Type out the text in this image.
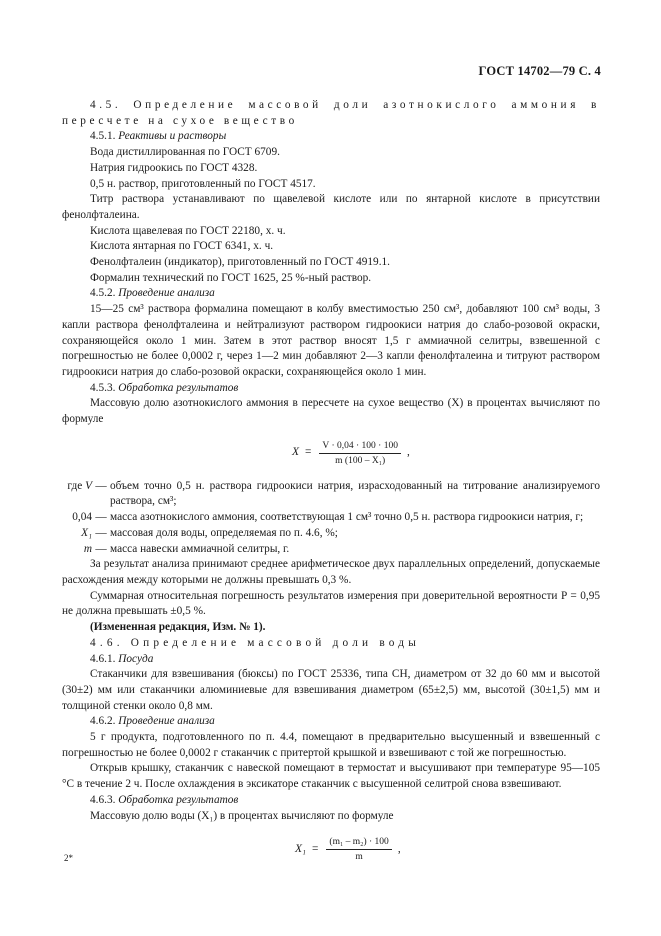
ГОСТ 14702—79 С. 4

4.5. Определение массовой доли азотнокислого аммония в пересчете на сухое вещество

4.5.1. Реактивы и растворы

Вода дистиллированная по ГОСТ 6709.

Натрия гидроокись по ГОСТ 4328.

0,5 н. раствор, приготовленный по ГОСТ 4517.

Титр раствора устанавливают по щавелевой кислоте или по янтарной кислоте в присутствии фенолфталеина.

Кислота щавелевая по ГОСТ 22180, х. ч.

Кислота янтарная по ГОСТ 6341, х. ч.

Фенолфталеин (индикатор), приготовленный по ГОСТ 4919.1.

Формалин технический по ГОСТ 1625, 25 %-ный раствор.

4.5.2. Проведение анализа

15—25 см³ раствора формалина помещают в колбу вместимостью 250 см³, добавляют 100 см³ воды, 3 капли раствора фенолфталеина и нейтрализуют раствором гидроокиси натрия до слабо-розовой окраски, сохраняющейся около 1 мин. Затем в этот раствор вносят 1,5 г аммиачной селитры, взвешенной с погрешностью не более 0,0002 г, через 1—2 мин добавляют 2—3 капли фенолфталеина и титруют раствором гидроокиси натрия до слабо-розовой окраски, сохраняющейся около 1 мин.

4.5.3. Обработка результатов

Массовую долю азотнокислого аммония в пересчете на сухое вещество (X) в процентах вычисляют по формуле

$X = \frac{V \cdot 0,04 \cdot 100 \cdot 100}{\text{m (100 – X₁)}}$ ,
где V	—	объем точно 0,5 н. раствора гидроокиси натрия, израсходованный на титрование анализируемого раствора, см³;
0,04	—	масса азотнокислого аммония, соответствующая 1 см³ точно 0,5 н. раствора гидроокиси натрия, г;
X₁	—	массовая доля воды, определяемая по п. 4.6, %;
m	—	масса навески аммиачной селитры, г.

За результат анализа принимают среднее арифметическое двух параллельных определений, допускаемые расхождения между которыми не должны превышать 0,3 %.

Суммарная относительная погрешность результатов измерения при доверительной вероятности P = 0,95 не должна превышать ±0,5 %.

(Измененная редакция, Изм. № 1).

4.6. Определение массовой доли воды

4.6.1. Посуда

Стаканчики для взвешивания (бюксы) по ГОСТ 25336, типа СН, диаметром от 32 до 60 мм и высотой (30±2) мм или стаканчики алюминиевые для взвешивания диаметром (65±2,5) мм, высотой (30±1,5) мм и толщиной стенки около 0,8 мм.

4.6.2. Проведение анализа

5 г продукта, подготовленного по п. 4.4, помещают в предварительно высушенный и взвешенный с погрешностью не более 0,0002 г стаканчик с притертой крышкой и взвешивают с той же погрешностью.

Открыв крышку, стаканчик с навеской помещают в термостат и высушивают при температуре 95—105 °С в течение 2 ч. После охлаждения в эксикаторе стаканчик с высушенной селитрой снова взвешивают.

4.6.3. Обработка результатов

Массовую долю воды (X₁) в процентах вычисляют по формуле

$X_1 = \frac{\text{(m₁ – m₂) · 100}}{m}$ ,
2*
